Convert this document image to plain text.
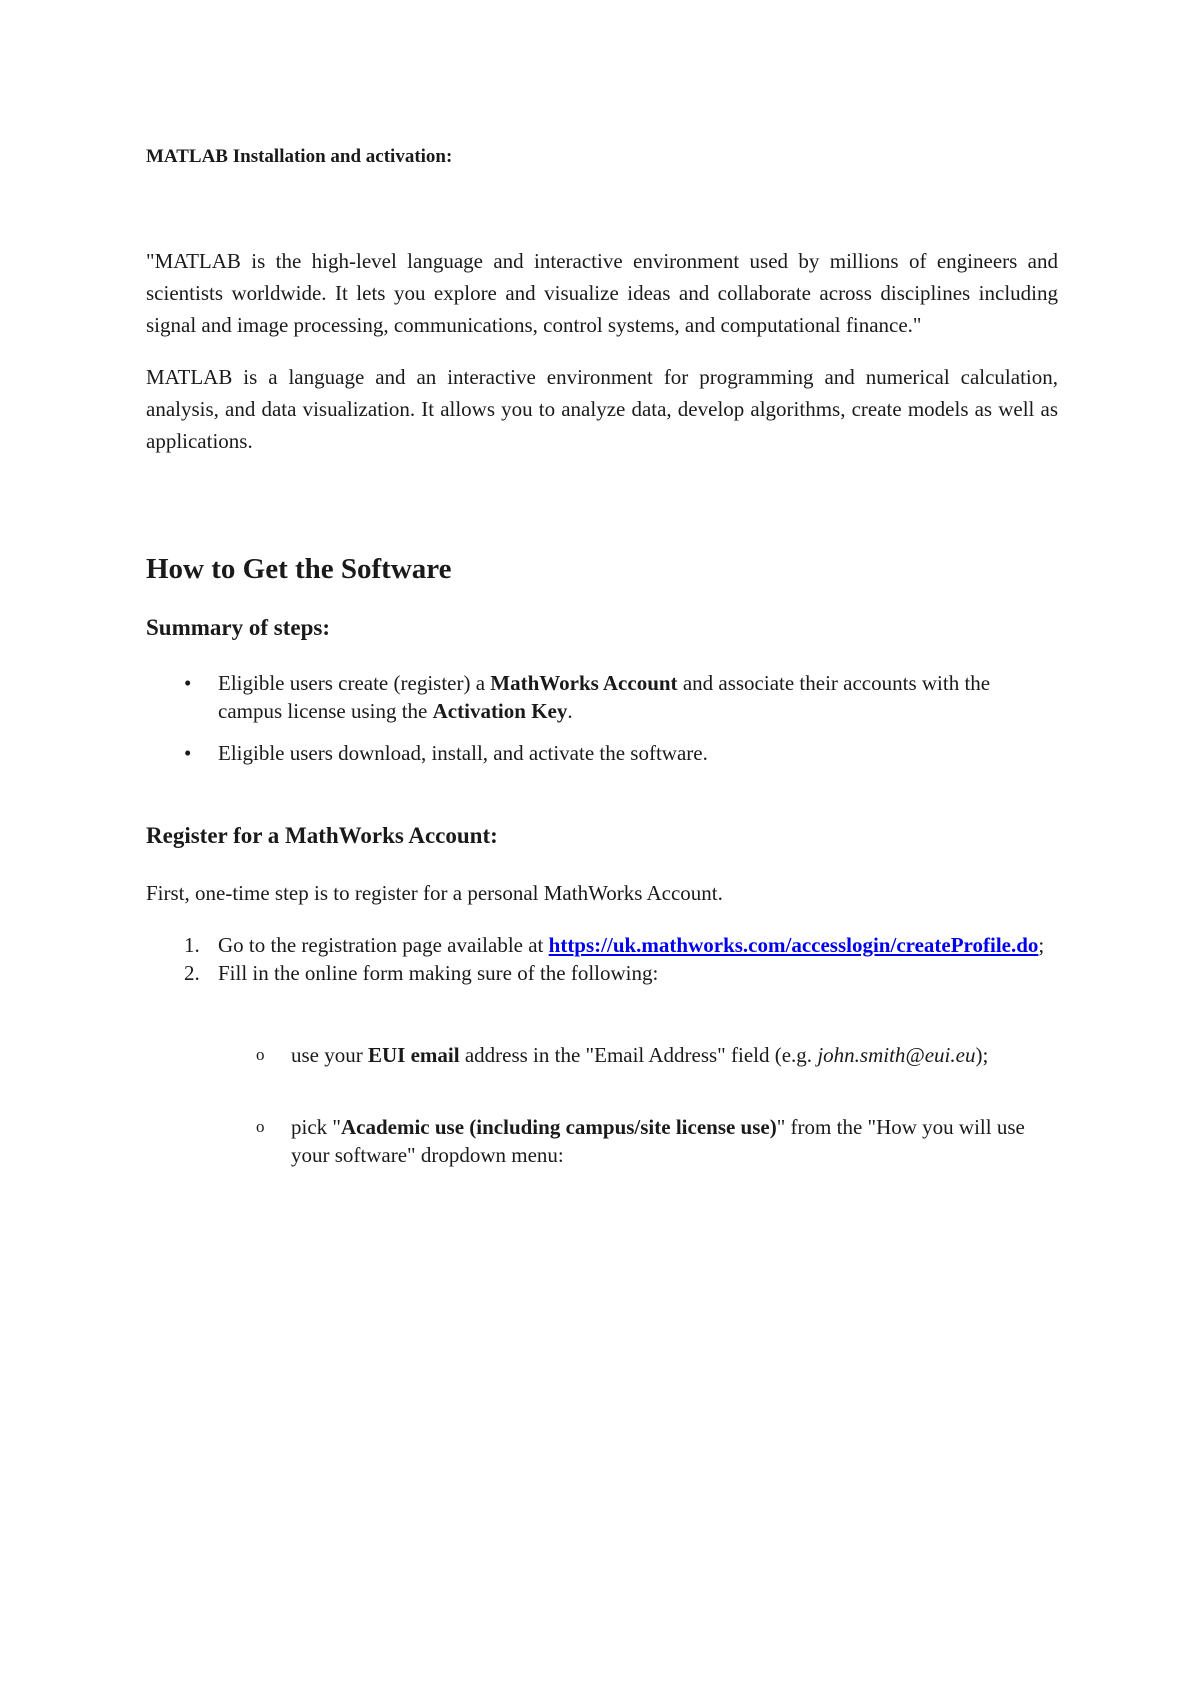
MATLAB Installation and activation:

"MATLAB is the high-level language and interactive environment used by millions of engineers and scientists worldwide. It lets you explore and visualize ideas and collaborate across disciplines including signal and image processing, communications, control systems, and computational finance."

MATLAB is a language and an interactive environment for programming and numerical calculation, analysis, and data visualization. It allows you to analyze data, develop algorithms, create models as well as applications.

How to Get the Software
Summary of steps:
• Eligible users create (register) a MathWorks Account and associate their accounts with the campus license using the Activation Key.
• Eligible users download, install, and activate the software.
Register for a MathWorks Account:

First, one-time step is to register for a personal MathWorks Account.

1. Go to the registration page available at https://uk.mathworks.com/accesslogin/createProfile.do;
2. Fill in the online form making sure of the following:
o use your EUI email address in the "Email Address" field (e.g. john.smith@eui.eu);
o pick "Academic use (including campus/site license use)" from the "How you will use your software" dropdown menu:
